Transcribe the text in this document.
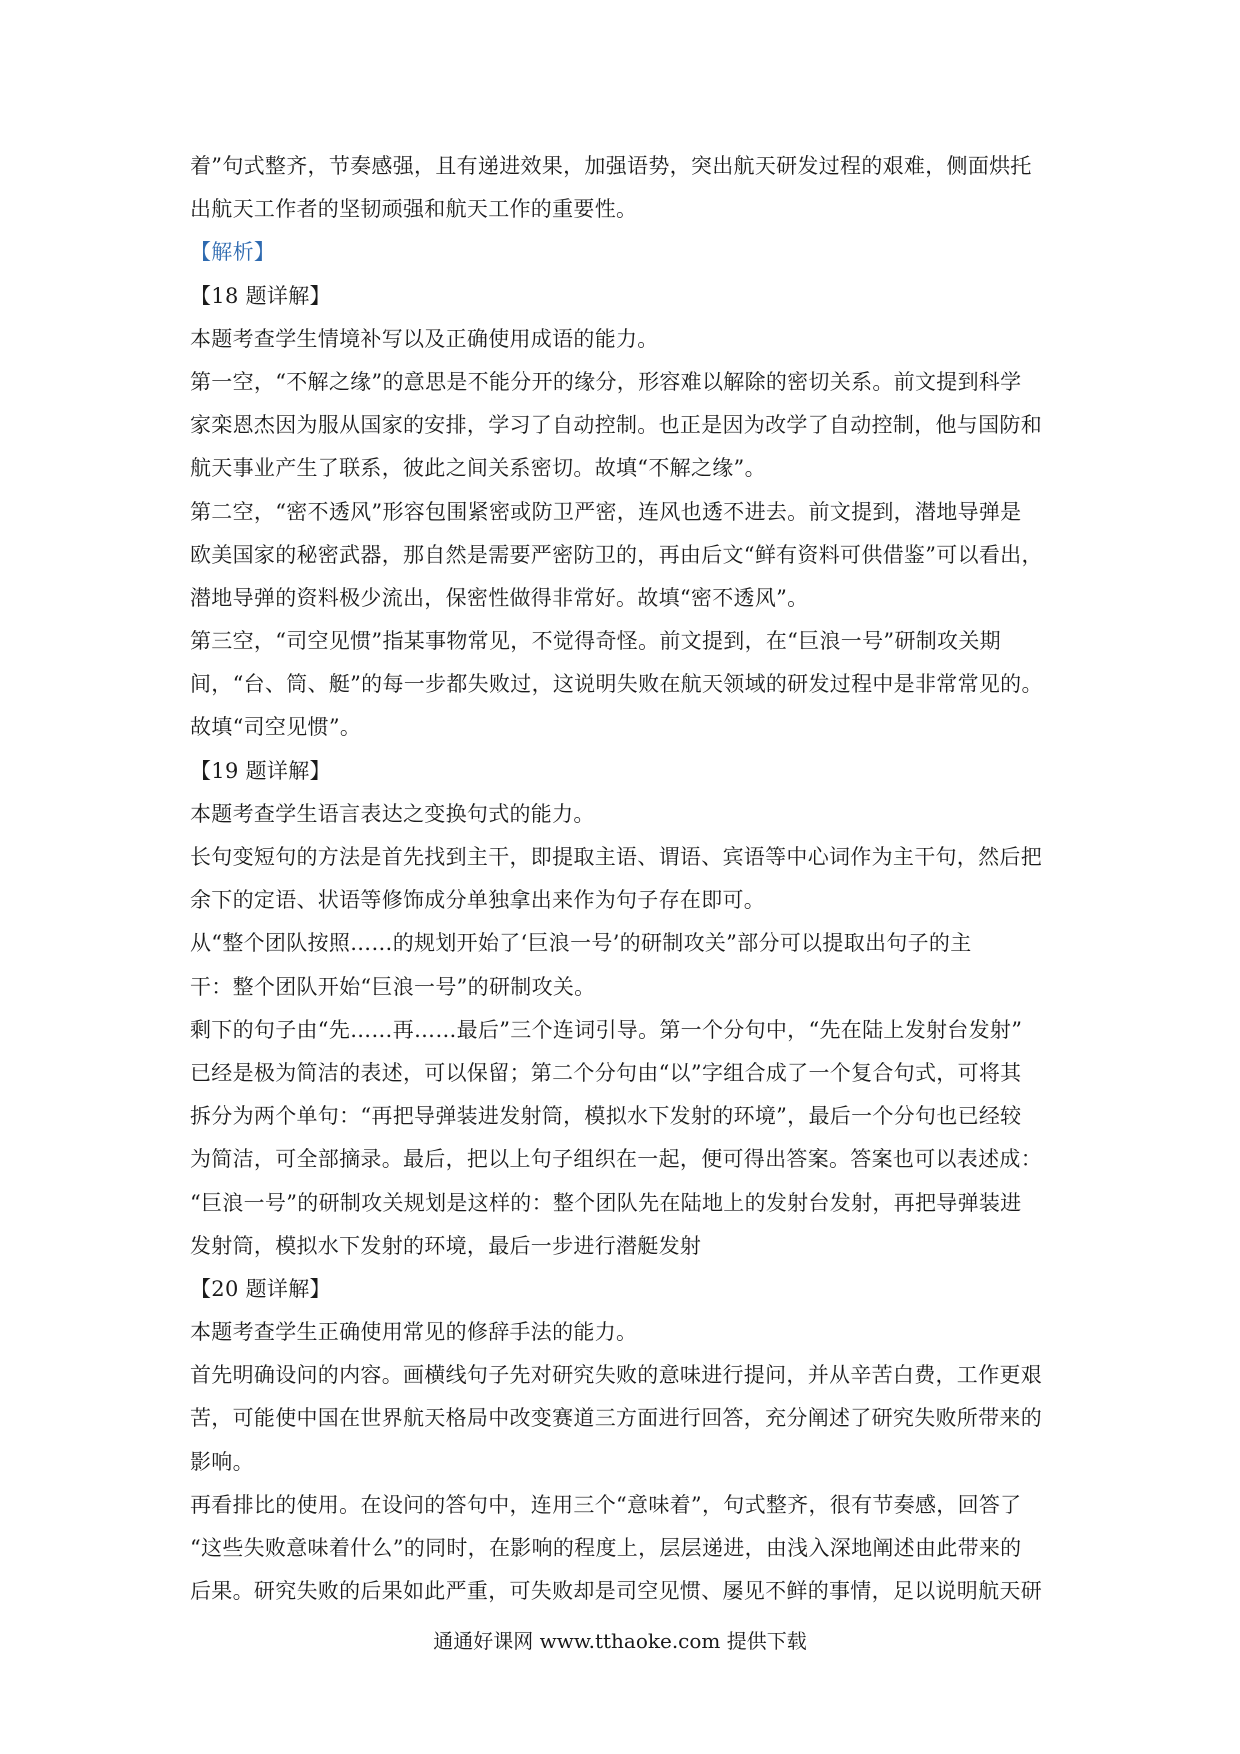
着”句式整齐，节奏感强，且有递进效果，加强语势，突出航天研发过程的艰难，侧面烘托
出航天工作者的坚韧顽强和航天工作的重要性。
【解析】
【18 题详解】
本题考查学生情境补写以及正确使用成语的能力。
第一空，“不解之缘”的意思是不能分开的缘分，形容难以解除的密切关系。前文提到科学
家栾恩杰因为服从国家的安排，学习了自动控制。也正是因为改学了自动控制，他与国防和
航天事业产生了联系，彼此之间关系密切。故填“不解之缘”。
第二空，“密不透风”形容包围紧密或防卫严密，连风也透不进去。前文提到，潜地导弹是
欧美国家的秘密武器，那自然是需要严密防卫的，再由后文“鲜有资料可供借鉴”可以看出，
潜地导弹的资料极少流出，保密性做得非常好。故填“密不透风”。
第三空，“司空见惯”指某事物常见，不觉得奇怪。前文提到，在“巨浪一号”研制攻关期
间，“台、筒、艇”的每一步都失败过，这说明失败在航天领域的研发过程中是非常常见的。
故填“司空见惯”。
【19 题详解】
本题考查学生语言表达之变换句式的能力。
长句变短句的方法是首先找到主干，即提取主语、谓语、宾语等中心词作为主干句，然后把
余下的定语、状语等修饰成分单独拿出来作为句子存在即可。
从“整个团队按照……的规划开始了‘巨浪一号’的研制攻关”部分可以提取出句子的主
干：整个团队开始“巨浪一号”的研制攻关。
剩下的句子由“先……再……最后”三个连词引导。第一个分句中，“先在陆上发射台发射”
已经是极为简洁的表述，可以保留；第二个分句由“以”字组合成了一个复合句式，可将其
拆分为两个单句：“再把导弹装进发射筒，模拟水下发射的环境”，最后一个分句也已经较
为简洁，可全部摘录。最后，把以上句子组织在一起，便可得出答案。答案也可以表述成：
“巨浪一号”的研制攻关规划是这样的：整个团队先在陆地上的发射台发射，再把导弹装进
发射筒，模拟水下发射的环境，最后一步进行潜艇发射
【20 题详解】
本题考查学生正确使用常见的修辞手法的能力。
首先明确设问的内容。画横线句子先对研究失败的意味进行提问，并从辛苦白费，工作更艰
苦，可能使中国在世界航天格局中改变赛道三方面进行回答，充分阐述了研究失败所带来的
影响。
再看排比的使用。在设问的答句中，连用三个“意味着”，句式整齐，很有节奏感，回答了
“这些失败意味着什么”的同时，在影响的程度上，层层递进，由浅入深地阐述由此带来的
后果。研究失败的后果如此严重，可失败却是司空见惯、屡见不鲜的事情，足以说明航天研
通通好课网 www.tthaoke.com 提供下载
